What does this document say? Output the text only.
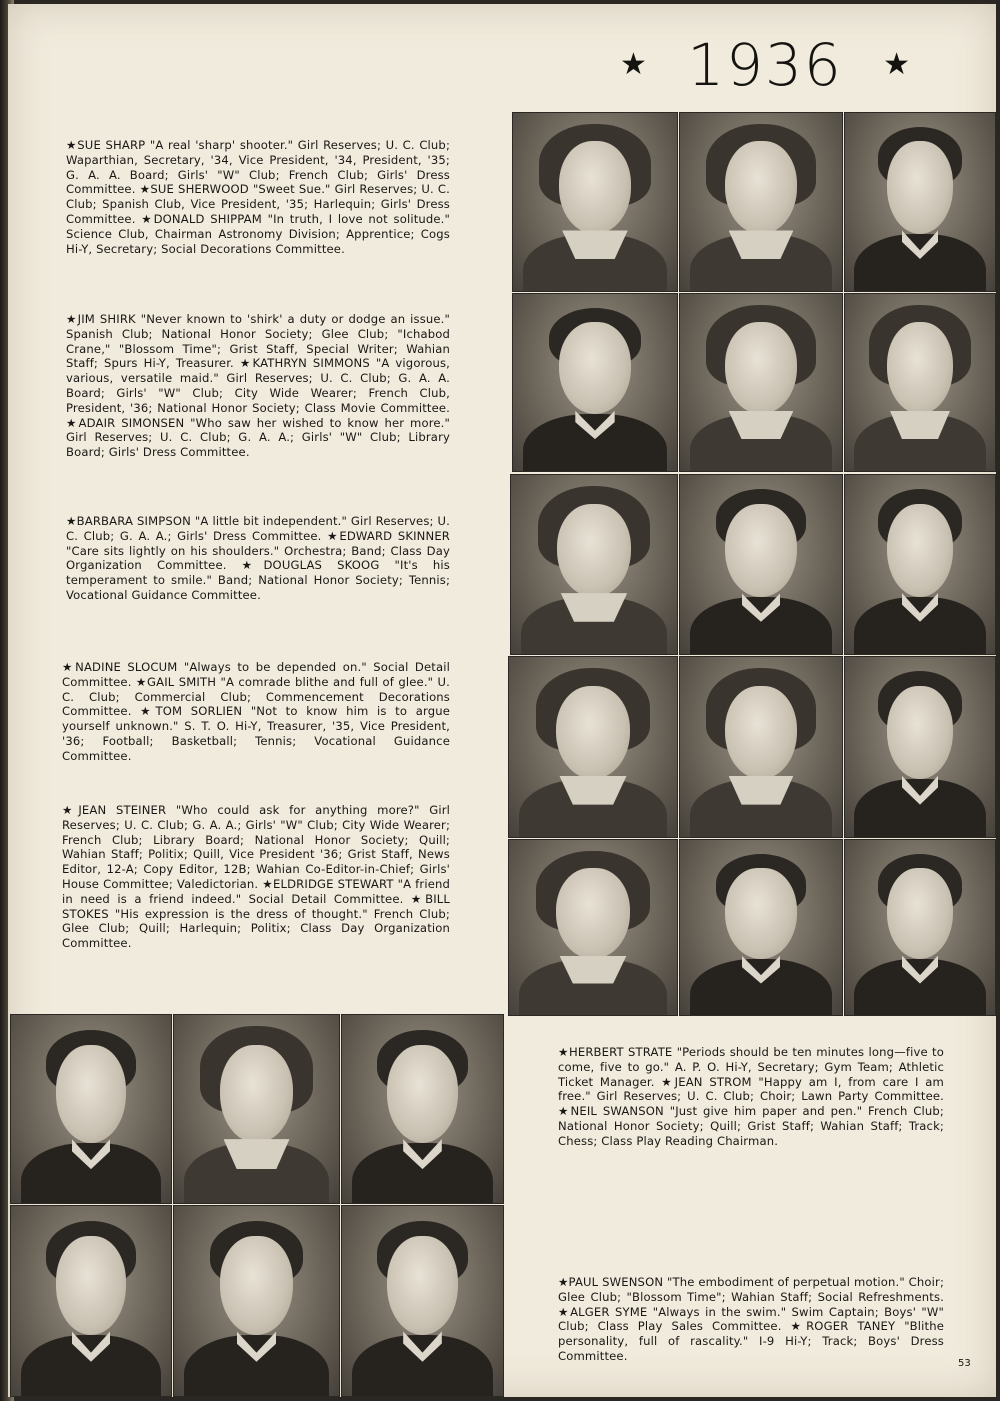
★ 1936 ★
★SUE SHARP "A real 'sharp' shooter." Girl Reserves; U. C. Club; Waparthian, Secretary, '34, Vice President, '34, President, '35; G. A. A. Board; Girls' "W" Club; French Club; Girls' Dress Committee. ★SUE SHERWOOD "Sweet Sue." Girl Reserves; U. C. Club; Spanish Club, Vice President, '35; Harlequin; Girls' Dress Committee. ★DONALD SHIPPAM "In truth, I love not solitude." Science Club, Chairman Astronomy Division; Apprentice; Cogs Hi-Y, Secretary; Social Decorations Committee.
★JIM SHIRK "Never known to 'shirk' a duty or dodge an issue." Spanish Club; National Honor Society; Glee Club; "Ichabod Crane," "Blossom Time"; Grist Staff, Special Writer; Wahian Staff; Spurs Hi-Y, Treasurer. ★KATHRYN SIMMONS "A vigorous, various, versatile maid." Girl Reserves; U. C. Club; G. A. A. Board; Girls' "W" Club; City Wide Wearer; French Club, President, '36; National Honor Society; Class Movie Committee. ★ADAIR SIMONSEN "Who saw her wished to know her more." Girl Reserves; U. C. Club; G. A. A.; Girls' "W" Club; Library Board; Girls' Dress Committee.
★BARBARA SIMPSON "A little bit independent." Girl Reserves; U. C. Club; G. A. A.; Girls' Dress Committee. ★EDWARD SKINNER "Care sits lightly on his shoulders." Orchestra; Band; Class Day Organization Committee. ★DOUGLAS SKOOG "It's his temperament to smile." Band; National Honor Society; Tennis; Vocational Guidance Committee.
★NADINE SLOCUM "Always to be depended on." Social Detail Committee. ★GAIL SMITH "A comrade blithe and full of glee." U. C. Club; Commercial Club; Commencement Decorations Committee. ★TOM SORLIEN "Not to know him is to argue yourself unknown." S. T. O. Hi-Y, Treasurer, '35, Vice President, '36; Football; Basketball; Tennis; Vocational Guidance Committee.
★JEAN STEINER "Who could ask for anything more?" Girl Reserves; U. C. Club; G. A. A.; Girls' "W" Club; City Wide Wearer; French Club; Library Board; National Honor Society; Quill; Wahian Staff; Politix; Quill, Vice President '36; Grist Staff, News Editor, 12-A; Copy Editor, 12B; Wahian Co-Editor-in-Chief; Girls' House Committee; Valedictorian. ★ELDRIDGE STEWART "A friend in need is a friend indeed." Social Detail Committee. ★BILL STOKES "His expression is the dress of thought." French Club; Glee Club; Quill; Harlequin; Politix; Class Day Organization Committee.
★HERBERT STRATE "Periods should be ten minutes long—five to come, five to go." A. P. O. Hi-Y, Secretary; Gym Team; Athletic Ticket Manager. ★JEAN STROM "Happy am I, from care I am free." Girl Reserves; U. C. Club; Choir; Lawn Party Committee. ★NEIL SWANSON "Just give him paper and pen." French Club; National Honor Society; Quill; Grist Staff; Wahian Staff; Track; Chess; Class Play Reading Chairman.
★PAUL SWENSON "The embodiment of perpetual motion." Choir; Glee Club; "Blossom Time"; Wahian Staff; Social Refreshments. ★ALGER SYME "Always in the swim." Swim Captain; Boys' "W" Club; Class Play Sales Committee. ★ROGER TANEY "Blithe personality, full of rascality." I-9 Hi-Y; Track; Boys' Dress Committee.
53
